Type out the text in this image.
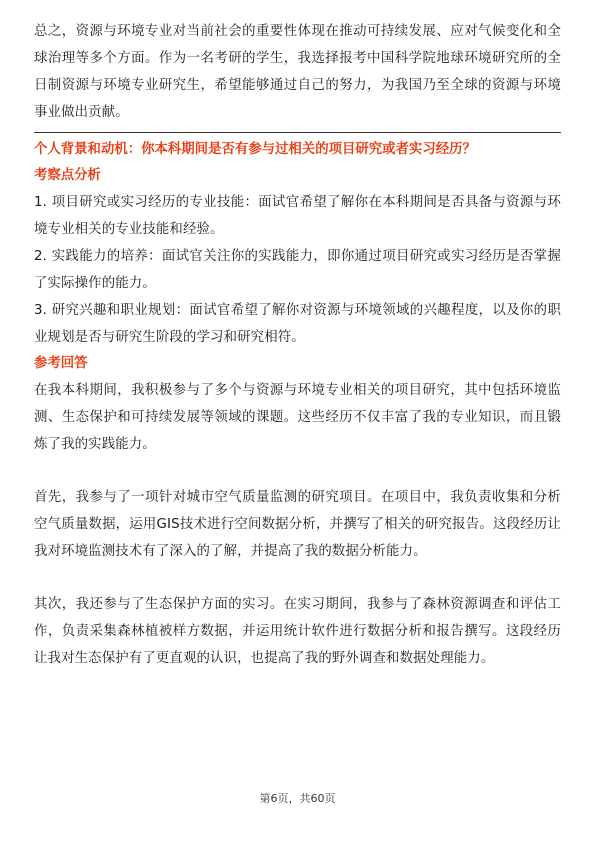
总之，资源与环境专业对当前社会的重要性体现在推动可持续发展、应对气候变化和全球治理等多个方面。作为一名考研的学生，我选择报考中国科学院地球环境研究所的全日制资源与环境专业研究生，希望能够通过自己的努力，为我国乃至全球的资源与环境事业做出贡献。

个人背景和动机：你本科期间是否有参与过相关的项目研究或者实习经历？
考察点分析

1. 项目研究或实习经历的专业技能：面试官希望了解你在本科期间是否具备与资源与环境专业相关的专业技能和经验。

2. 实践能力的培养：面试官关注你的实践能力，即你通过项目研究或实习经历是否掌握了实际操作的能力。

3. 研究兴趣和职业规划：面试官希望了解你对资源与环境领域的兴趣程度，以及你的职业规划是否与研究生阶段的学习和研究相符。

参考回答

在我本科期间，我积极参与了多个与资源与环境专业相关的项目研究，其中包括环境监测、生态保护和可持续发展等领域的课题。这些经历不仅丰富了我的专业知识，而且锻炼了我的实践能力。

首先，我参与了一项针对城市空气质量监测的研究项目。在项目中，我负责收集和分析空气质量数据，运用GIS技术进行空间数据分析，并撰写了相关的研究报告。这段经历让我对环境监测技术有了深入的了解，并提高了我的数据分析能力。

其次，我还参与了生态保护方面的实习。在实习期间，我参与了森林资源调查和评估工作，负责采集森林植被样方数据，并运用统计软件进行数据分析和报告撰写。这段经历让我对生态保护有了更直观的认识，也提高了我的野外调查和数据处理能力。

第6页，共60页
